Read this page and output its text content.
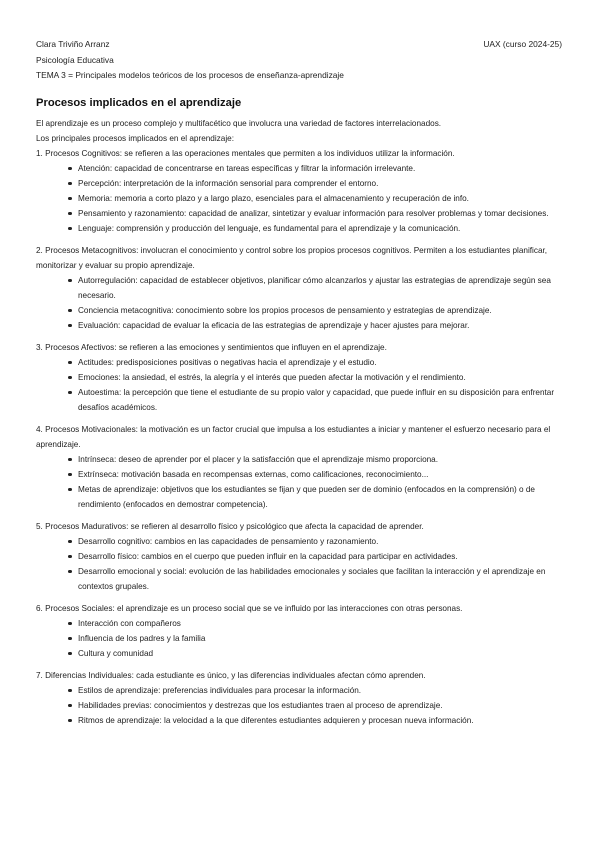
Clara Triviño Arranz	UAX (curso 2024-25)
Psicología Educativa
TEMA 3 = Principales modelos teóricos de los procesos de enseñanza-aprendizaje
Procesos implicados en el aprendizaje

El aprendizaje es un proceso complejo y multifacético que involucra una variedad de factores interrelacionados.

Los principales procesos implicados en el aprendizaje:

1. Procesos Cognitivos: se refieren a las operaciones mentales que permiten a los individuos utilizar la información.

Atención: capacidad de concentrarse en tareas específicas y filtrar la información irrelevante.
Percepción: interpretación de la información sensorial para comprender el entorno.
Memoria: memoria a corto plazo y a largo plazo, esenciales para el almacenamiento y recuperación de info.
Pensamiento y razonamiento: capacidad de analizar, sintetizar y evaluar información para resolver problemas y tomar decisiones.
Lenguaje: comprensión y producción del lenguaje, es fundamental para el aprendizaje y la comunicación.

2. Procesos Metacognitivos: involucran el conocimiento y control sobre los propios procesos cognitivos. Permiten a los estudiantes planificar, monitorizar y evaluar su propio aprendizaje.

Autorregulación: capacidad de establecer objetivos, planificar cómo alcanzarlos y ajustar las estrategias de aprendizaje según sea necesario.
Conciencia metacognitiva: conocimiento sobre los propios procesos de pensamiento y estrategias de aprendizaje.
Evaluación: capacidad de evaluar la eficacia de las estrategias de aprendizaje y hacer ajustes para mejorar.

3. Procesos Afectivos: se refieren a las emociones y sentimientos que influyen en el aprendizaje.

Actitudes: predisposiciones positivas o negativas hacia el aprendizaje y el estudio.
Emociones: la ansiedad, el estrés, la alegría y el interés que pueden afectar la motivación y el rendimiento.
Autoestima: la percepción que tiene el estudiante de su propio valor y capacidad, que puede influir en su disposición para enfrentar desafíos académicos.

4. Procesos Motivacionales: la motivación es un factor crucial que impulsa a los estudiantes a iniciar y mantener el esfuerzo necesario para el aprendizaje.

Intrínseca: deseo de aprender por el placer y la satisfacción que el aprendizaje mismo proporciona.
Extrínseca: motivación basada en recompensas externas, como calificaciones, reconocimiento...
Metas de aprendizaje: objetivos que los estudiantes se fijan y que pueden ser de dominio (enfocados en la comprensión) o de rendimiento (enfocados en demostrar competencia).

5. Procesos Madurativos: se refieren al desarrollo físico y psicológico que afecta la capacidad de aprender.

Desarrollo cognitivo: cambios en las capacidades de pensamiento y razonamiento.
Desarrollo físico: cambios en el cuerpo que pueden influir en la capacidad para participar en actividades.
Desarrollo emocional y social: evolución de las habilidades emocionales y sociales que facilitan la interacción y el aprendizaje en contextos grupales.

6. Procesos Sociales: el aprendizaje es un proceso social que se ve influido por las interacciones con otras personas.

Interacción con compañeros
Influencia de los padres y la familia
Cultura y comunidad

7. Diferencias Individuales: cada estudiante es único, y las diferencias individuales afectan cómo aprenden.

Estilos de aprendizaje: preferencias individuales para procesar la información.
Habilidades previas: conocimientos y destrezas que los estudiantes traen al proceso de aprendizaje.
Ritmos de aprendizaje: la velocidad a la que diferentes estudiantes adquieren y procesan nueva información.
